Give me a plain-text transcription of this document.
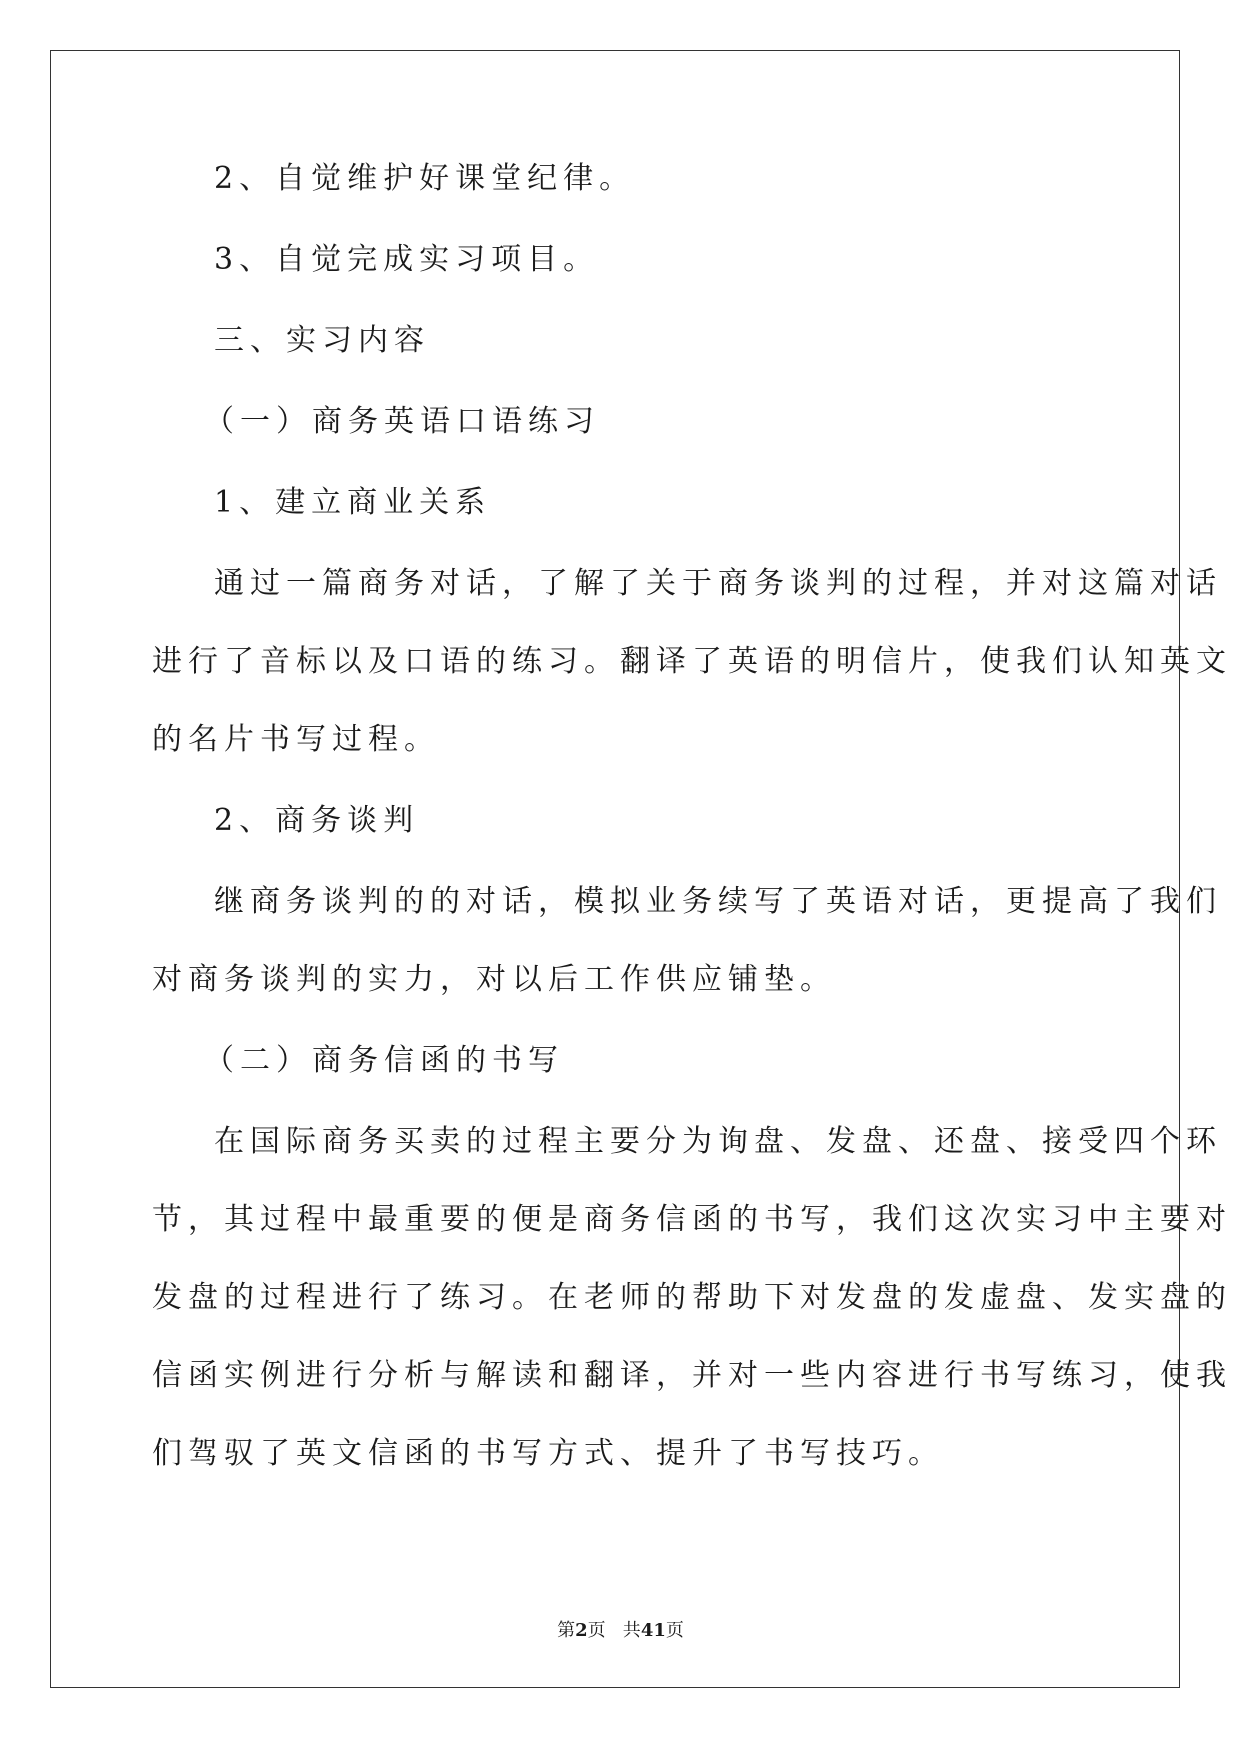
2、自觉维护好课堂纪律。

3、自觉完成实习项目。

三、实习内容

（一）商务英语口语练习

1、建立商业关系

通过一篇商务对话，了解了关于商务谈判的过程，并对这篇对话

进行了音标以及口语的练习。翻译了英语的明信片，使我们认知英文

的名片书写过程。

2、商务谈判

继商务谈判的的对话，模拟业务续写了英语对话，更提高了我们

对商务谈判的实力，对以后工作供应铺垫。

（二）商务信函的书写

在国际商务买卖的过程主要分为询盘、发盘、还盘、接受四个环

节，其过程中最重要的便是商务信函的书写，我们这次实习中主要对

发盘的过程进行了练习。在老师的帮助下对发盘的发虚盘、发实盘的

信函实例进行分析与解读和翻译，并对一些内容进行书写练习，使我

们驾驭了英文信函的书写方式、提升了书写技巧。

第2页   共41页
